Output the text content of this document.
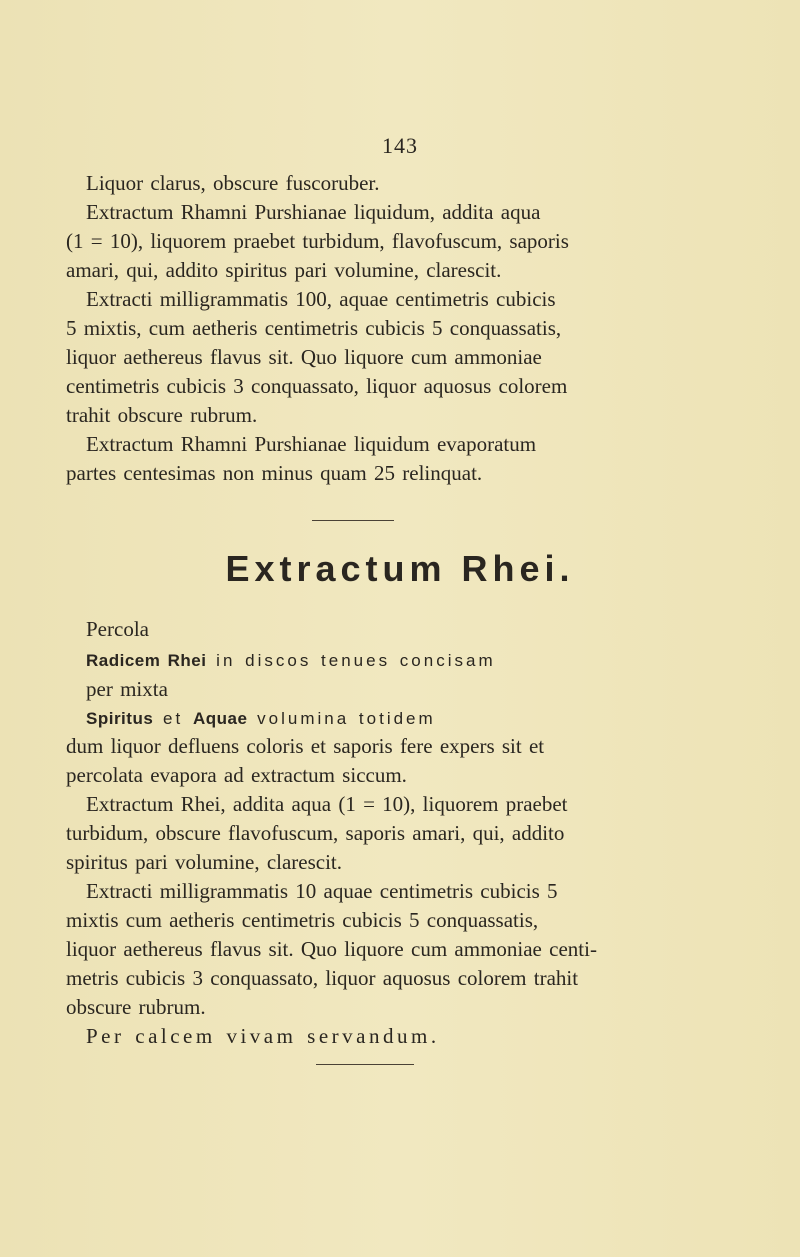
143
Liquor clarus, obscure fuscoruber.
Extractum Rhamni Purshianae liquidum, addita aqua
(1 = 10), liquorem praebet turbidum, flavofuscum, saporis
amari, qui, addito spiritus pari volumine, clarescit.
Extracti milligrammatis 100, aquae centimetris cubicis
5 mixtis, cum aetheris centimetris cubicis 5 conquassatis,
liquor aethereus flavus sit. Quo liquore cum ammoniae
centimetris cubicis 3 conquassato, liquor aquosus colorem
trahit obscure rubrum.
Extractum Rhamni Purshianae liquidum evaporatum
partes centesimas non minus quam 25 relinquat.
Extractum Rhei.
Percola
Radicem Rhei in discos tenues concisam
per mixta
Spiritus et Aquae volumina totidem
dum liquor defluens coloris et saporis fere expers sit et
percolata evapora ad extractum siccum.
Extractum Rhei, addita aqua (1 = 10), liquorem praebet
turbidum, obscure flavofuscum, saporis amari, qui, addito
spiritus pari volumine, clarescit.
Extracti milligrammatis 10 aquae centimetris cubicis 5
mixtis cum aetheris centimetris cubicis 5 conquassatis,
liquor aethereus flavus sit. Quo liquore cum ammoniae centi-
metris cubicis 3 conquassato, liquor aquosus colorem trahit
obscure rubrum.
Per calcem vivam servandum.
